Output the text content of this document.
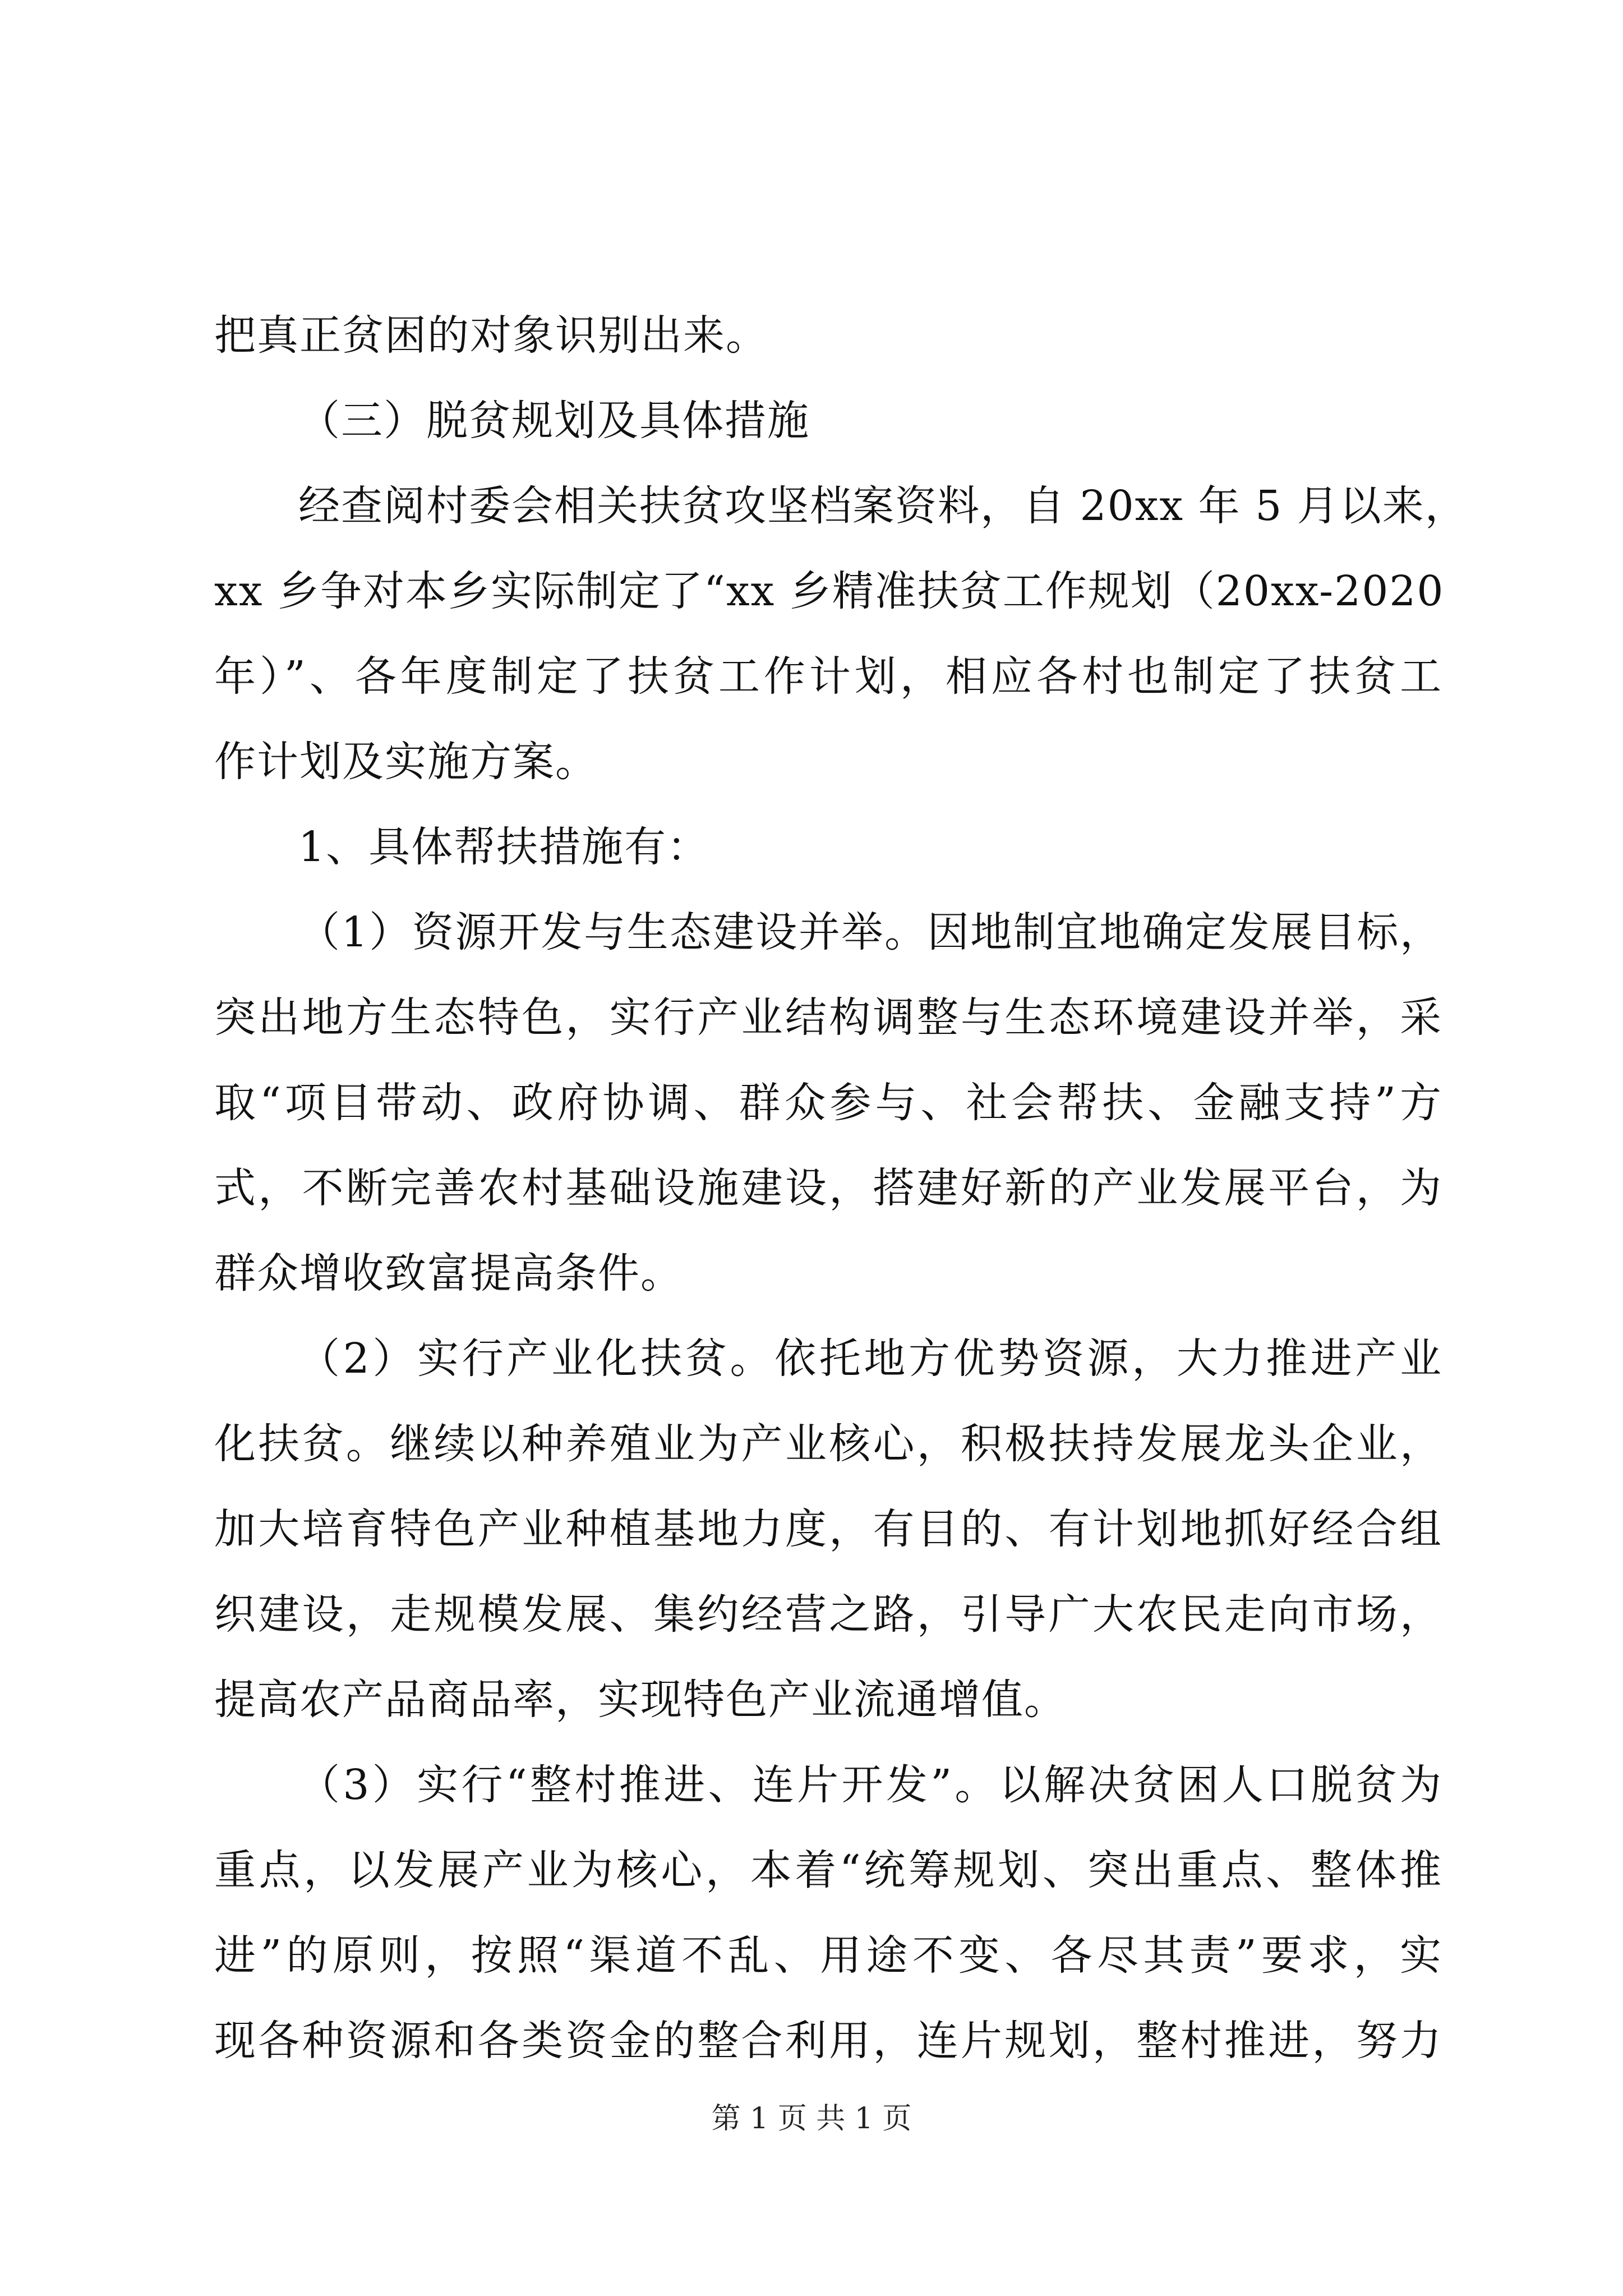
把真正贫困的对象识别出来。
（三）脱贫规划及具体措施
经查阅村委会相关扶贫攻坚档案资料，自 20xx 年 5 月以来，
xx 乡争对本乡实际制定了“xx 乡精准扶贫工作规划（20xx-2020
年）”、各年度制定了扶贫工作计划，相应各村也制定了扶贫工
作计划及实施方案。
1、具体帮扶措施有：
（1）资源开发与生态建设并举。因地制宜地确定发展目标，
突出地方生态特色，实行产业结构调整与生态环境建设并举，采
取“项目带动、政府协调、群众参与、社会帮扶、金融支持”方
式，不断完善农村基础设施建设，搭建好新的产业发展平台，为
群众增收致富提高条件。
（2）实行产业化扶贫。依托地方优势资源，大力推进产业
化扶贫。继续以种养殖业为产业核心，积极扶持发展龙头企业，
加大培育特色产业种植基地力度，有目的、有计划地抓好经合组
织建设，走规模发展、集约经营之路，引导广大农民走向市场，
提高农产品商品率，实现特色产业流通增值。
（3）实行“整村推进、连片开发”。以解决贫困人口脱贫为
重点，以发展产业为核心，本着“统筹规划、突出重点、整体推
进”的原则，按照“渠道不乱、用途不变、各尽其责”要求，实
现各种资源和各类资金的整合利用，连片规划，整村推进，努力
第 1 页 共 1 页
